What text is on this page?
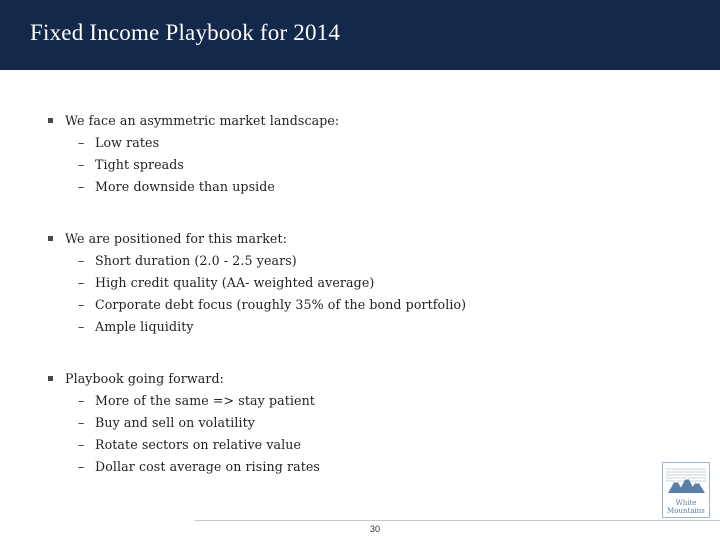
Fixed Income Playbook for 2014
We face an asymmetric market landscape:
– Low rates
– Tight spreads
– More downside than upside
We are positioned for this market:
– Short duration (2.0 - 2.5 years)
– High credit quality (AA- weighted average)
– Corporate debt focus (roughly 35% of the bond portfolio)
– Ample liquidity
Playbook going forward:
– More of the same => stay patient
– Buy and sell on volatility
– Rotate sectors on relative value
– Dollar cost average on rising rates
White
Mountains
30
